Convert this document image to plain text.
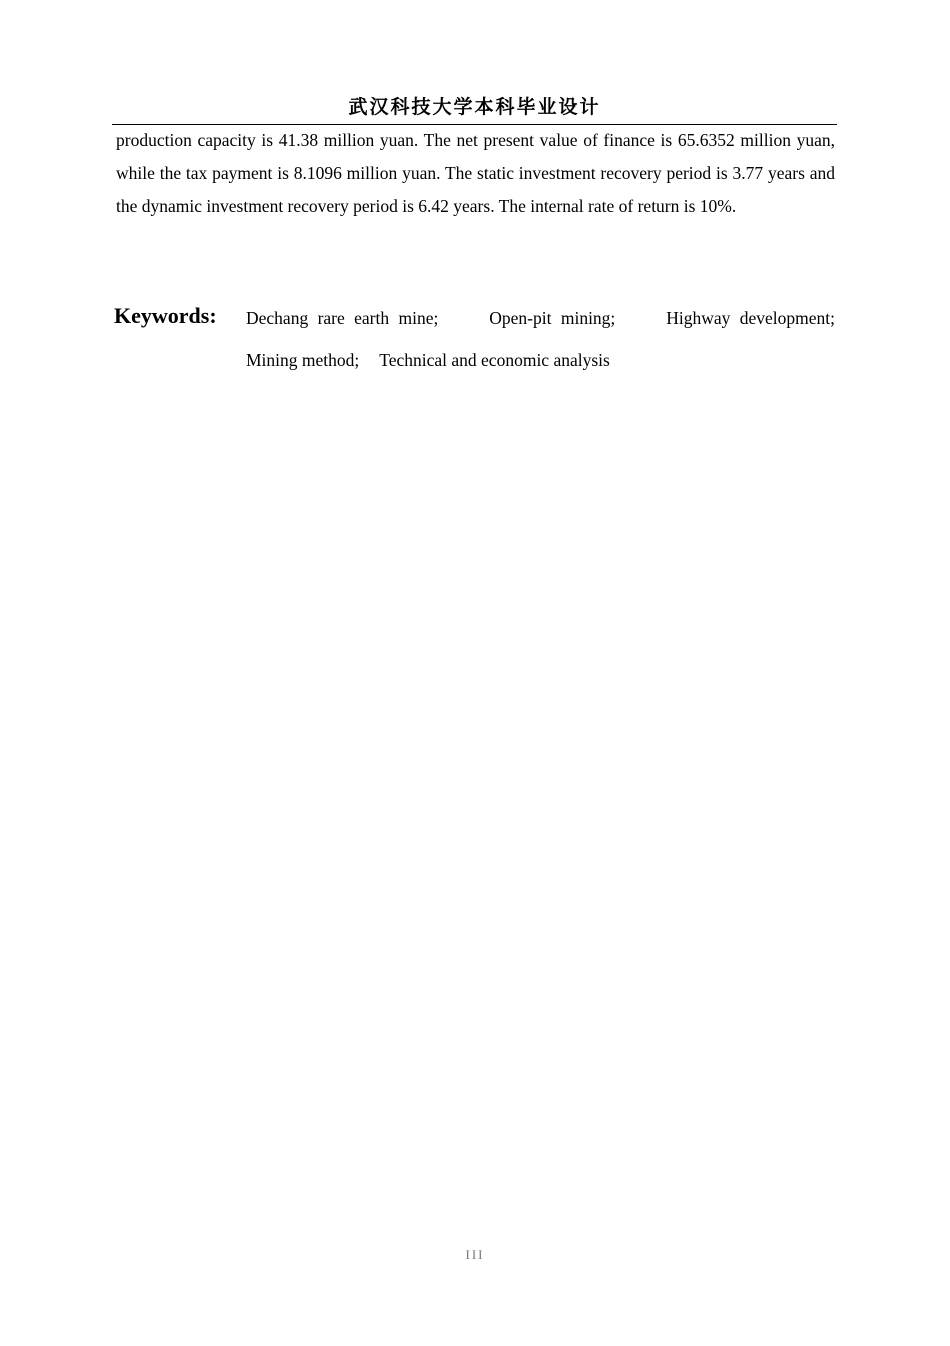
武汉科技大学本科毕业设计

production capacity is 41.38 million yuan. The net present value of finance is 65.6352 million yuan, while the tax payment is 8.1096 million yuan. The static investment recovery period is 3.77 years and the dynamic investment recovery period is 6.42 years. The internal rate of return is 10%.

Keywords: Dechang rare earth mine;	Open-pit mining;	Highway development;
Mining method; Technical and economic analysis
III
